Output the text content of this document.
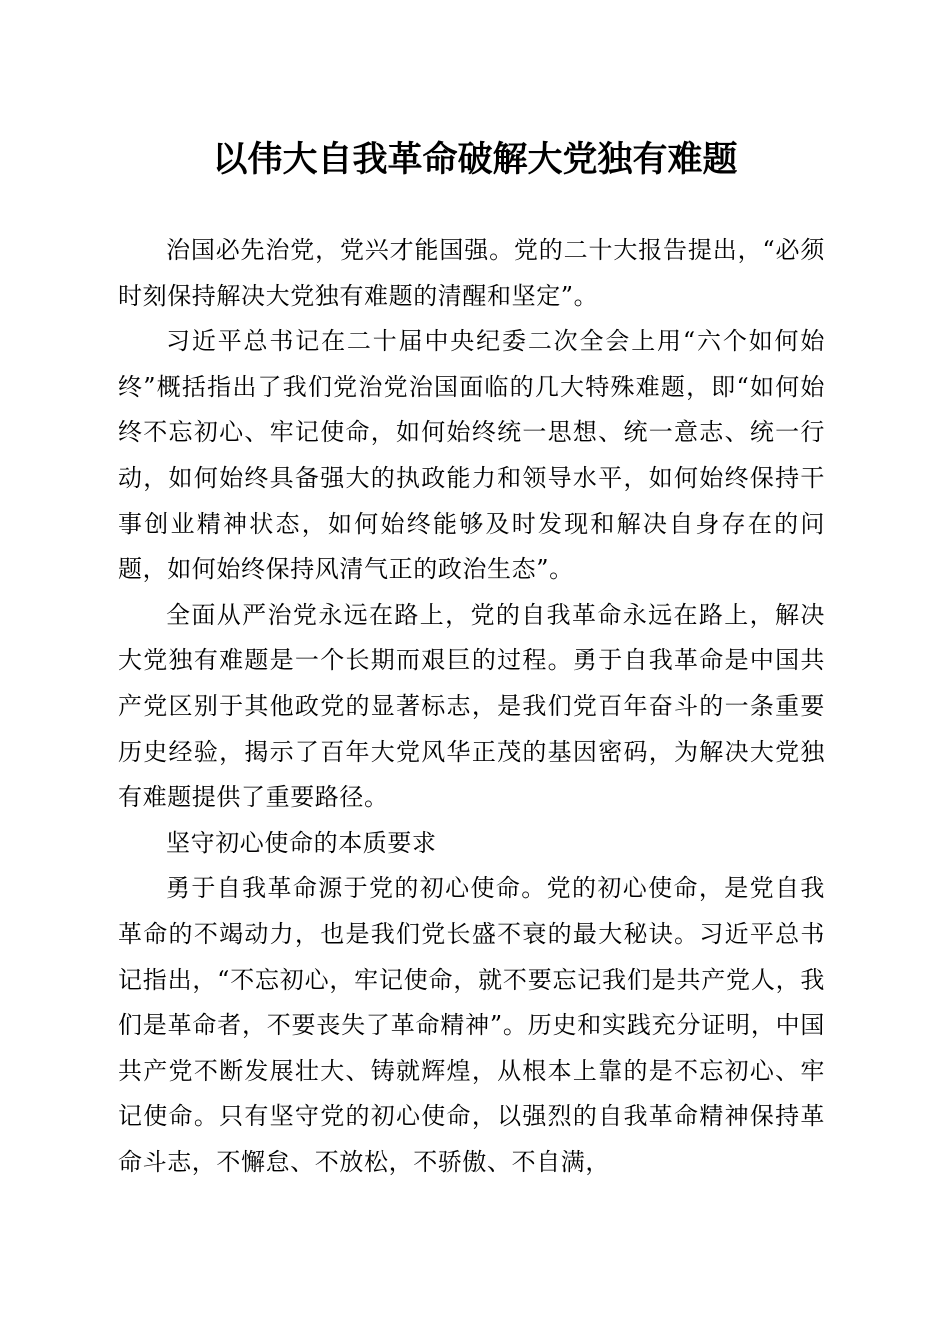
以伟大自我革命破解大党独有难题

治国必先治党，党兴才能国强。党的二十大报告提出，“必须时刻保持解决大党独有难题的清醒和坚定”。

习近平总书记在二十届中央纪委二次全会上用“六个如何始终”概括指出了我们党治党治国面临的几大特殊难题，即“如何始终不忘初心、牢记使命，如何始终统一思想、统一意志、统一行动，如何始终具备强大的执政能力和领导水平，如何始终保持干事创业精神状态，如何始终能够及时发现和解决自身存在的问题，如何始终保持风清气正的政治生态”。

全面从严治党永远在路上，党的自我革命永远在路上，解决大党独有难题是一个长期而艰巨的过程。勇于自我革命是中国共产党区别于其他政党的显著标志，是我们党百年奋斗的一条重要历史经验，揭示了百年大党风华正茂的基因密码，为解决大党独有难题提供了重要路径。

坚守初心使命的本质要求

勇于自我革命源于党的初心使命。党的初心使命，是党自我革命的不竭动力，也是我们党长盛不衰的最大秘诀。习近平总书记指出，“不忘初心，牢记使命，就不要忘记我们是共产党人，我们是革命者，不要丧失了革命精神”。历史和实践充分证明，中国共产党不断发展壮大、铸就辉煌，从根本上靠的是不忘初心、牢记使命。只有坚守党的初心使命，以强烈的自我革命精神保持革命斗志，不懈怠、不放松，不骄傲、不自满，
